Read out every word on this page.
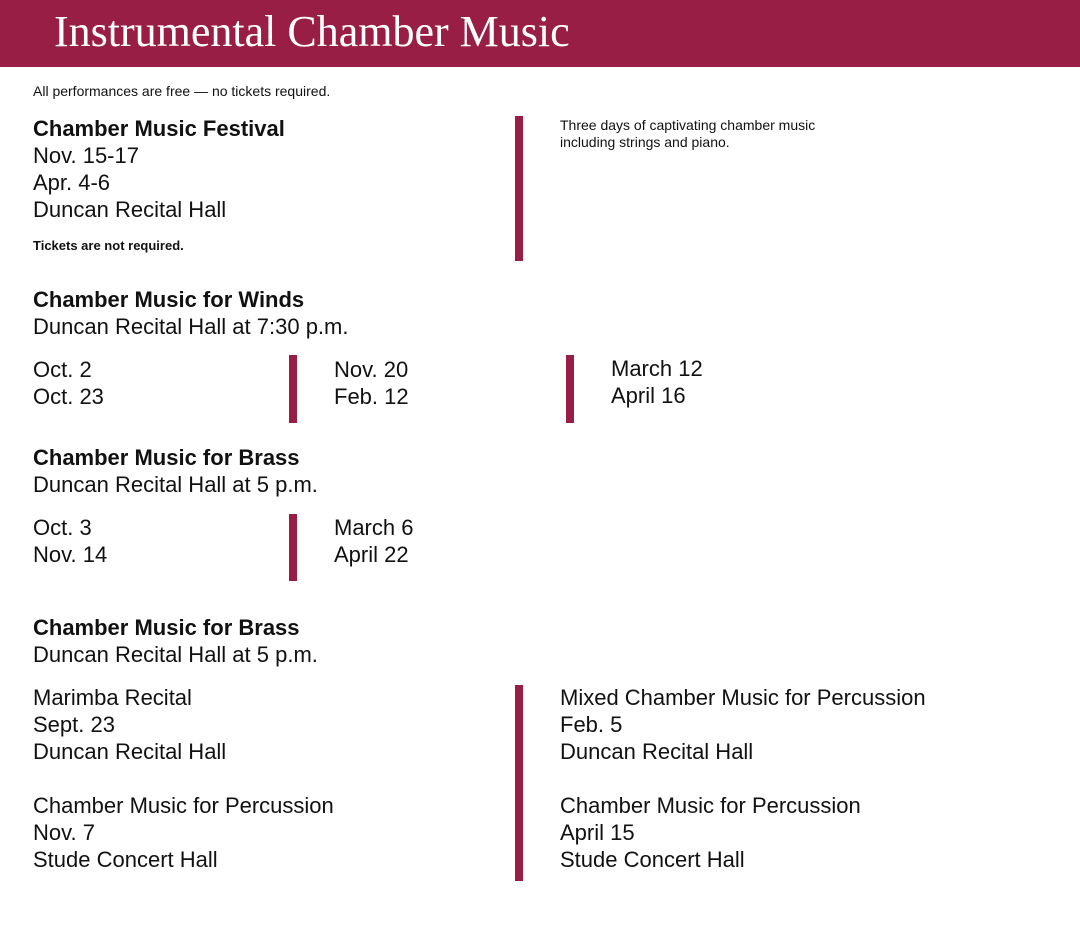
Instrumental Chamber Music
All performances are free — no tickets required.
Chamber Music Festival
Nov. 15-17
Apr. 4-6
Duncan Recital Hall
Tickets are not required.
Three days of captivating chamber music
including strings and piano.
Chamber Music for Winds
Duncan Recital Hall at 7:30 p.m.
Oct. 2
Oct. 23
Nov. 20
Feb. 12
March 12
April 16
Chamber Music for Brass
Duncan Recital Hall at 5 p.m.
Oct. 3
Nov. 14
March 6
April 22
Chamber Music for Brass
Duncan Recital Hall at 5 p.m.
Marimba Recital
Sept. 23
Duncan Recital Hall
Chamber Music for Percussion
Nov. 7
Stude Concert Hall
Mixed Chamber Music for Percussion
Feb. 5
Duncan Recital Hall
Chamber Music for Percussion
April 15
Stude Concert Hall
